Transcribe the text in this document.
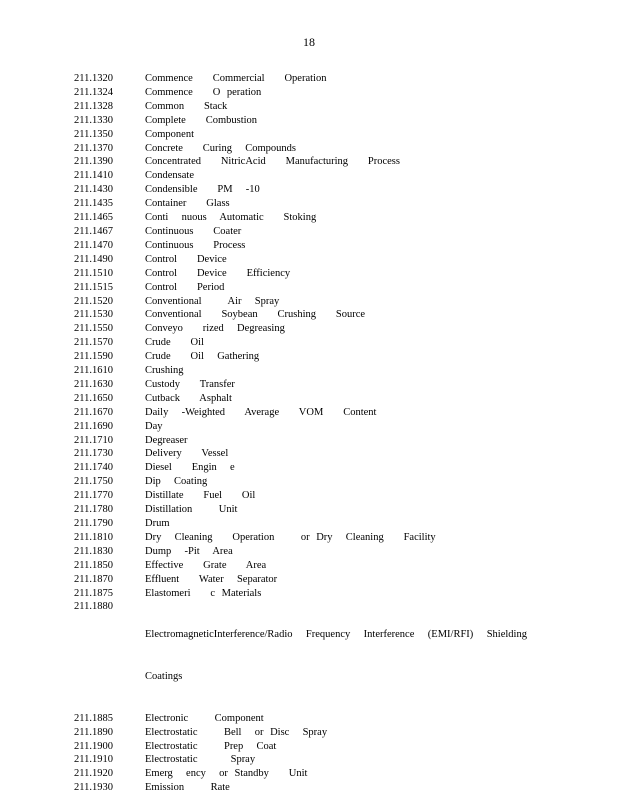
18
211.1320	Commence   Commercial   Operation
211.1324	Commence   O peration
211.1328	Common   Stack
211.1330	Complete   Combustion
211.1350	Component
211.1370	Concrete   Curing  Compounds
211.1390	Concentrated   NitricAcid   Manufacturing   Process
211.1410	Condensate
211.1430	Condensible   PM  -10
211.1435	Container   Glass
211.1465	Conti  nuous  Automatic   Stoking
211.1467	Continuous   Coater
211.1470	Continuous   Process
211.1490	Control   Device
211.1510	Control   Device   Efficiency
211.1515	Control   Period
211.1520	Conventional    Air  Spray
211.1530	Conventional   Soybean   Crushing   Source
211.1550	Conveyo   rized  Degreasing
211.1570	Crude   Oil
211.1590	Crude   Oil  Gathering
211.1610	Crushing
211.1630	Custody   Transfer
211.1650	Cutback   Asphalt
211.1670	Daily  -Weighted   Average   VOM   Content
211.1690	Day
211.1710	Degreaser
211.1730	Delivery   Vessel
211.1740	Diesel   Engin  e
211.1750	Dip  Coating
211.1770	Distillate   Fuel   Oil
211.1780	Distillation    Unit
211.1790	Drum
211.1810	Dry  Cleaning   Operation    or Dry  Cleaning   Facility
211.1830	Dump  -Pit  Area
211.1850	Effective   Grate   Area
211.1870	Effluent   Water  Separator
211.1875	Elastomeri   c Materials
211.1880

ElectromagneticInterference/Radio Frequency Interference (EMI/RFI) Shielding

Coatings

211.1885	Electronic    Component
211.1890	Electrostatic    Bell  or Disc  Spray
211.1900	Electrostatic    Prep  Coat
211.1910	Electrostatic     Spray
211.1920	Emerg  ency  or Standby   Unit
211.1930	Emission    Rate
